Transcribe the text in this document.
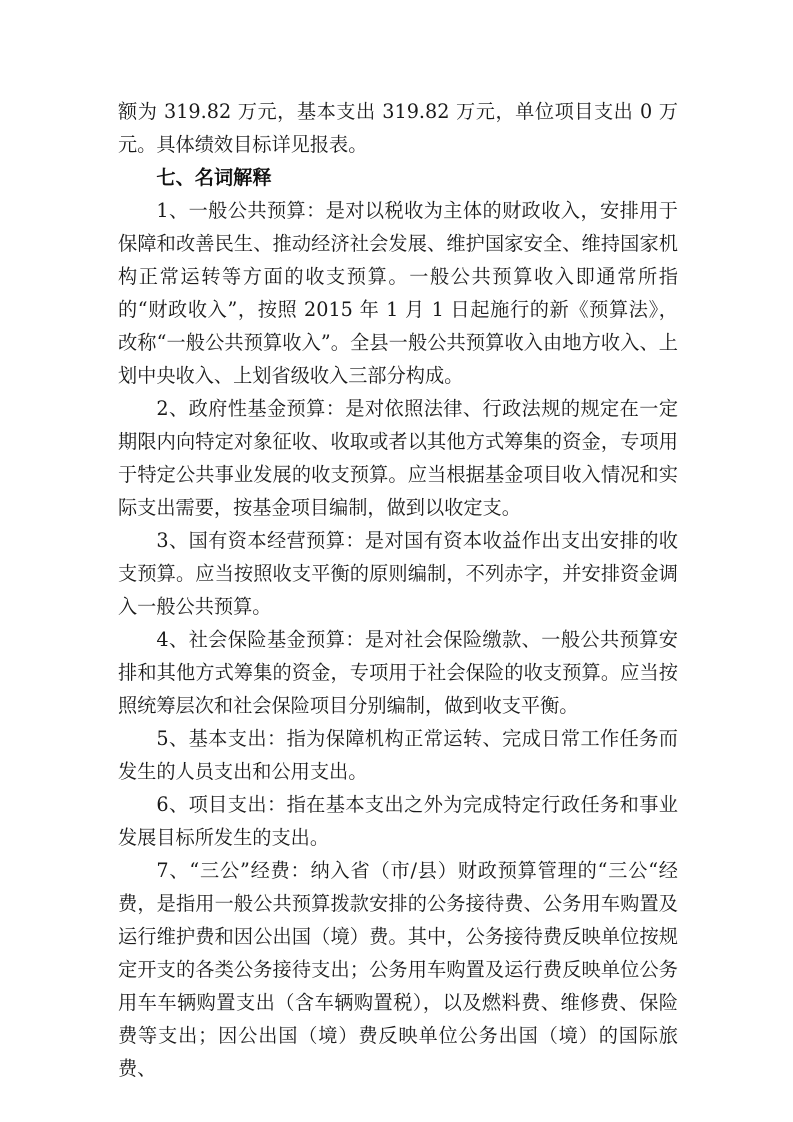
额为 319.82 万元，基本支出 319.82 万元，单位项目支出 0 万元。具体绩效目标详见报表。

七、名词解释

1、一般公共预算：是对以税收为主体的财政收入，安排用于保障和改善民生、推动经济社会发展、维护国家安全、维持国家机构正常运转等方面的收支预算。一般公共预算收入即通常所指的“财政收入”，按照 2015 年 1 月 1 日起施行的新《预算法》，改称“一般公共预算收入”。全县一般公共预算收入由地方收入、上划中央收入、上划省级收入三部分构成。

2、政府性基金预算：是对依照法律、行政法规的规定在一定期限内向特定对象征收、收取或者以其他方式筹集的资金，专项用于特定公共事业发展的收支预算。应当根据基金项目收入情况和实际支出需要，按基金项目编制，做到以收定支。

3、国有资本经营预算：是对国有资本收益作出支出安排的收支预算。应当按照收支平衡的原则编制，不列赤字，并安排资金调入一般公共预算。

4、社会保险基金预算：是对社会保险缴款、一般公共预算安排和其他方式筹集的资金，专项用于社会保险的收支预算。应当按照统筹层次和社会保险项目分别编制，做到收支平衡。

5、基本支出：指为保障机构正常运转、完成日常工作任务而发生的人员支出和公用支出。

6、项目支出：指在基本支出之外为完成特定行政任务和事业发展目标所发生的支出。

7、“三公”经费：纳入省（市/县）财政预算管理的“三公“经费，是指用一般公共预算拨款安排的公务接待费、公务用车购置及运行维护费和因公出国（境）费。其中，公务接待费反映单位按规定开支的各类公务接待支出；公务用车购置及运行费反映单位公务用车车辆购置支出（含车辆购置税），以及燃料费、维修费、保险费等支出；因公出国（境）费反映单位公务出国（境）的国际旅费、
